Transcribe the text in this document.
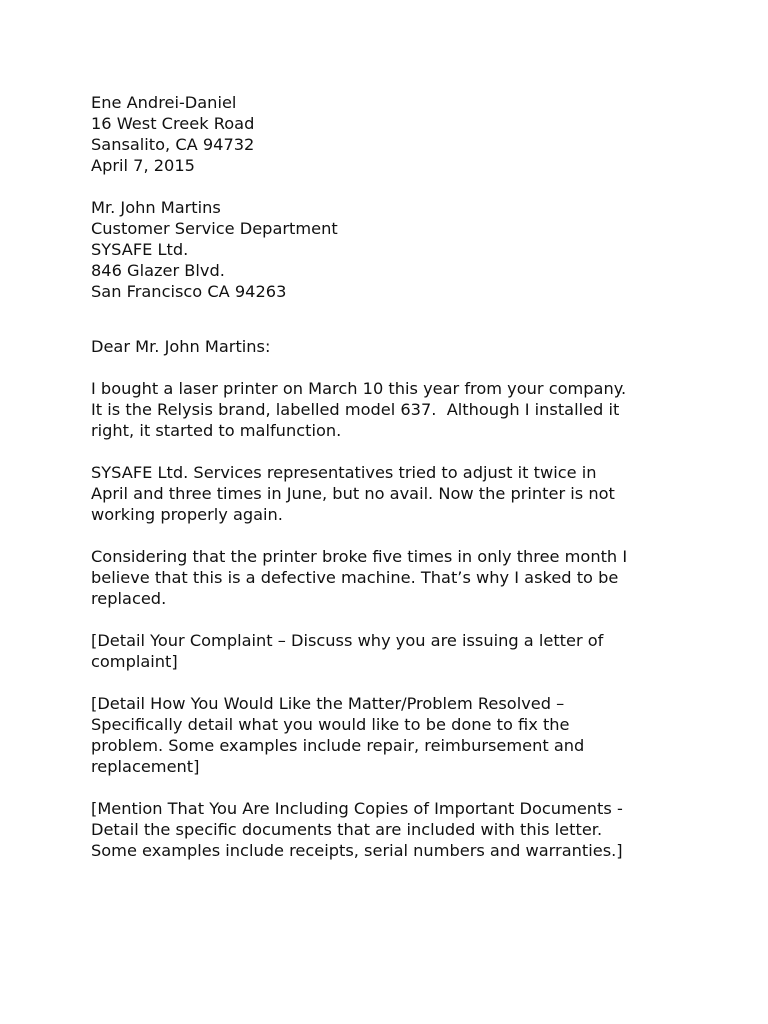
Ene Andrei-Daniel
16 West Creek Road
Sansalito, CA 94732
April 7, 2015
Mr. John Martins
Customer Service Department
SYSAFE Ltd.
846 Glazer Blvd.
San Francisco CA 94263
Dear Mr. John Martins:
I bought a laser printer on March 10 this year from your company.
It is the Relysis brand, labelled model 637.  Although I installed it
right, it started to malfunction.
SYSAFE Ltd. Services representatives tried to adjust it twice in
April and three times in June, but no avail. Now the printer is not
working properly again.
Considering that the printer broke five times in only three month I
believe that this is a defective machine. That’s why I asked to be
replaced.
[Detail Your Complaint – Discuss why you are issuing a letter of
complaint]
[Detail How You Would Like the Matter/Problem Resolved –
Specifically detail what you would like to be done to fix the
problem. Some examples include repair, reimbursement and
replacement]
[Mention That You Are Including Copies of Important Documents -
Detail the specific documents that are included with this letter.
Some examples include receipts, serial numbers and warranties.]
